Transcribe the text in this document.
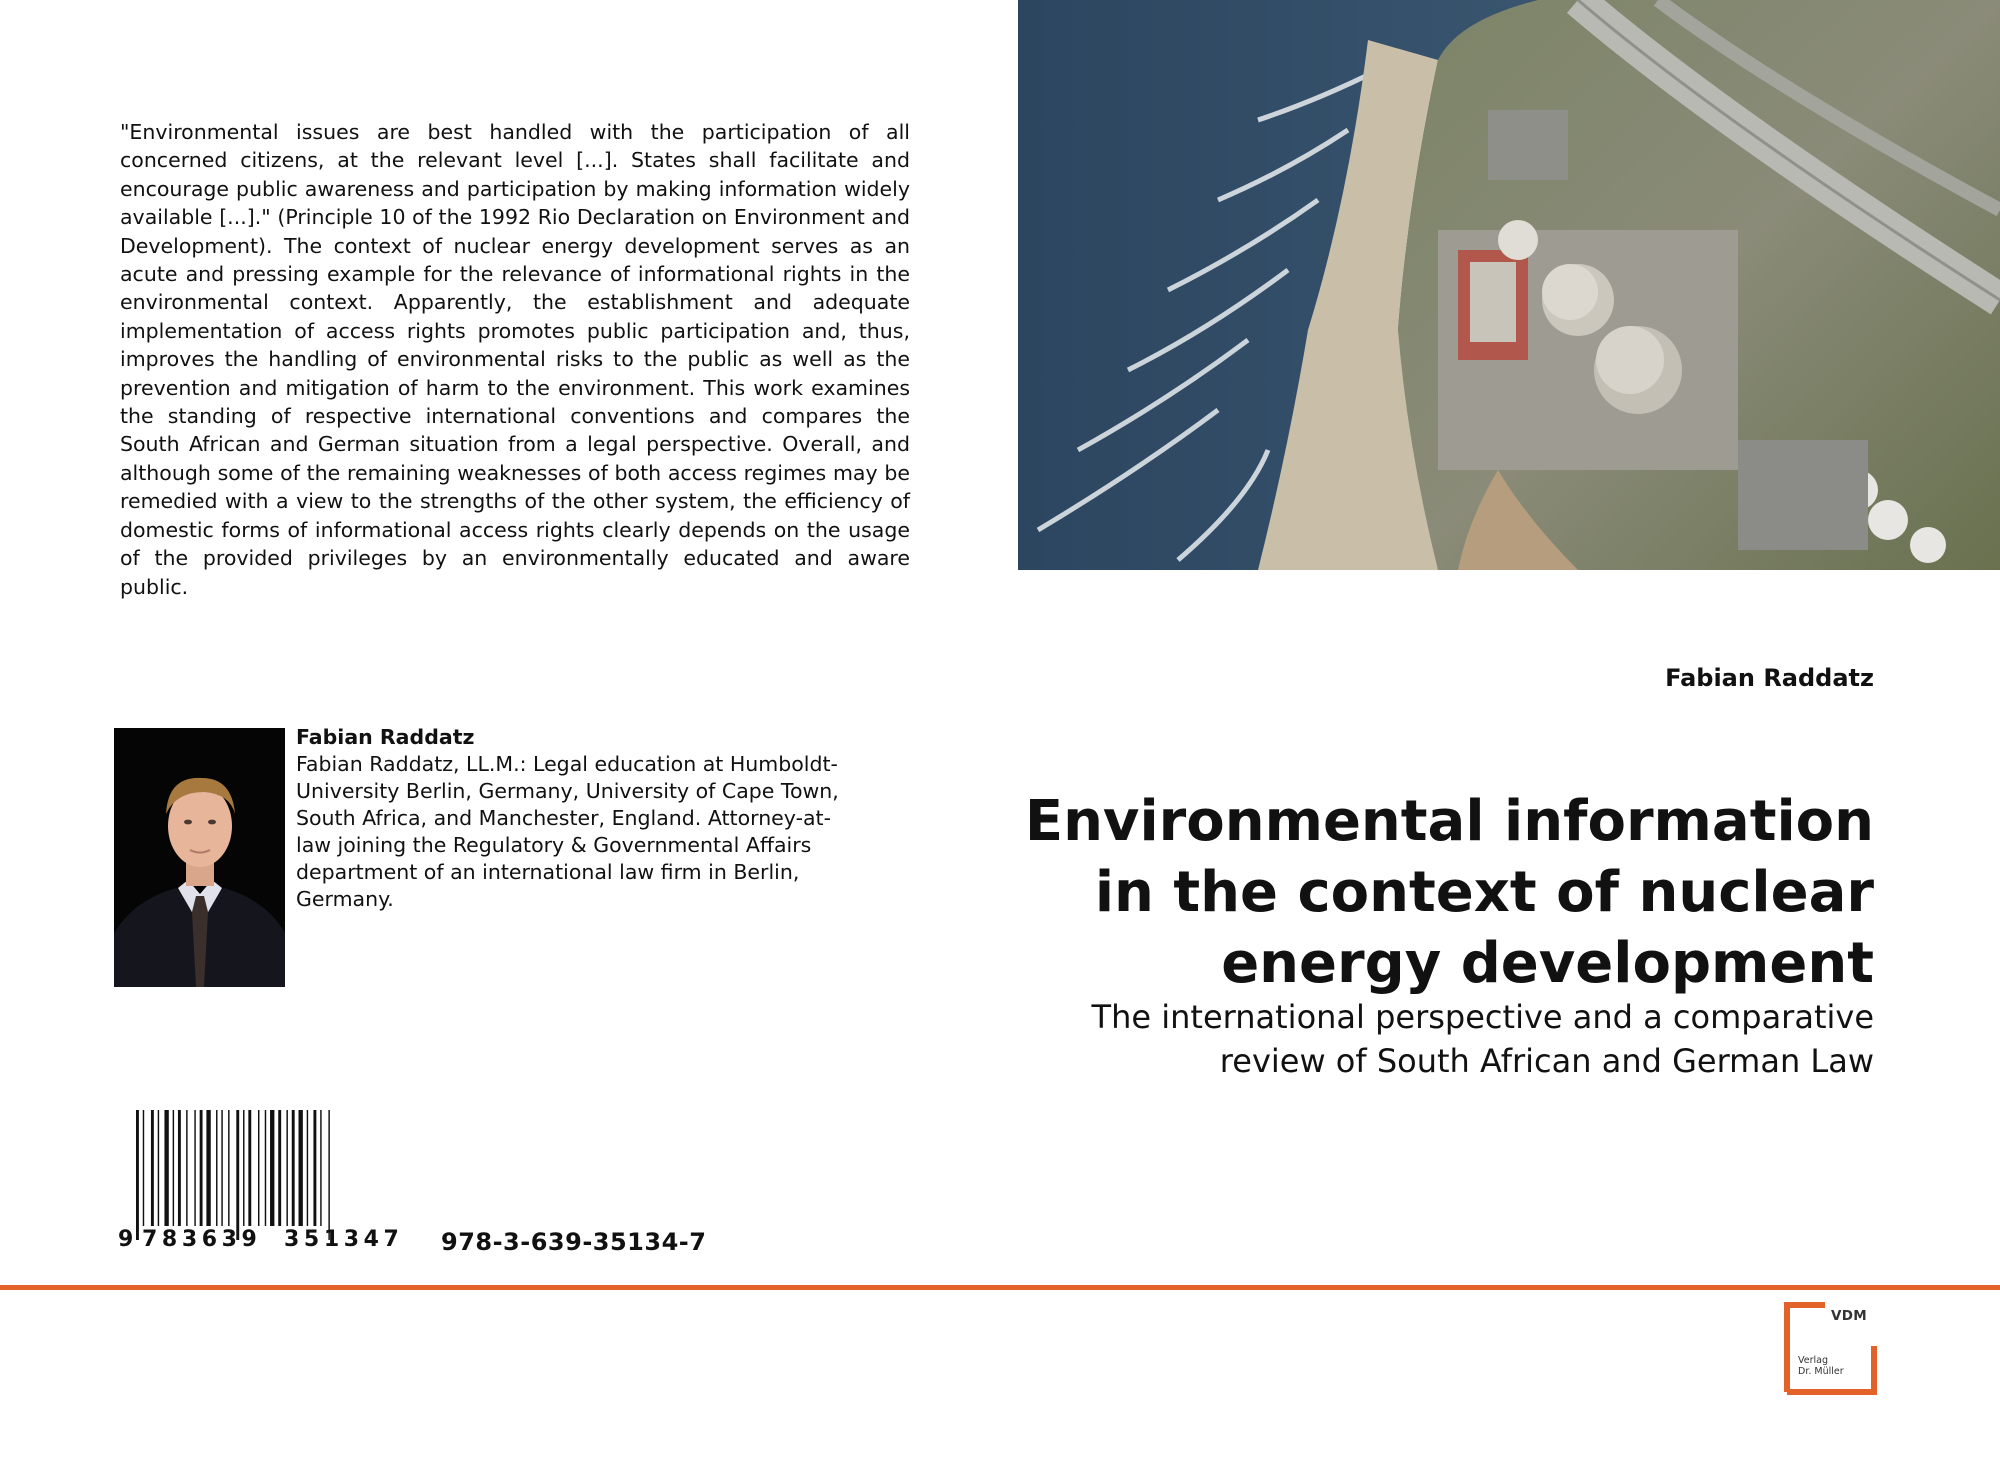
"Environmental issues are best handled with the participation of all concerned citizens, at the relevant level [...]. States shall facilitate and encourage public awareness and participation by making information widely available [...]." (Principle 10 of the 1992 Rio Declaration on Environment and Development). The context of nuclear energy development serves as an acute and pressing example for the relevance of informational rights in the environmental context. Apparently, the establishment and adequate implementation of access rights promotes public participation and, thus, improves the handling of environmental risks to the public as well as the prevention and mitigation of harm to the environment. This work examines the standing of respective international conventions and compares the South African and German situation from a legal perspective. Overall, and although some of the remaining weaknesses of both access regimes may be remedied with a view to the strengths of the other system, the efficiency of domestic forms of informational access rights clearly depends on the usage of the provided privileges by an environmentally educated and aware public.
Fabian Raddatz
Fabian Raddatz, LL.M.: Legal education at Humboldt-University Berlin, Germany, University of Cape Town, South Africa, and Manchester, England. Attorney-at-law joining the Regulatory & Governmental Affairs department of an international law firm in Berlin, Germany.
9 783639 351347 978-3-639-35134-7
Fabian Raddatz
Environmental information
in the context of nuclear
energy development
The international perspective and a comparative
review of South African and German Law
VDM
Verlag
Dr. Müller
